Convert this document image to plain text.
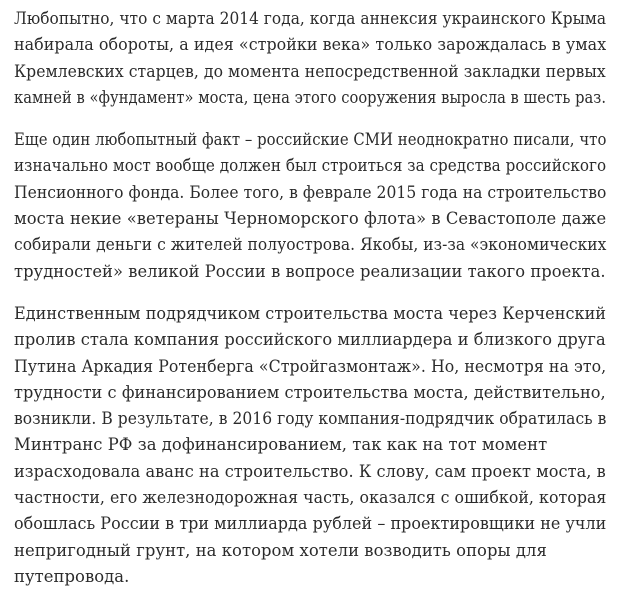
Любопытно, что с марта 2014 года, когда аннексия украинского Крыма
набирала обороты, а идея «стройки века» только зарождалась в умах
Кремлевских старцев, до момента непосредственной закладки первых
камней в «фундамент» моста, цена этого сооружения выросла в шесть раз.

Еще один любопытный факт – российские СМИ неоднократно писали, что
изначально мост вообще должен был строиться за средства российского
Пенсионного фонда. Более того, в феврале 2015 года на строительство
моста некие «ветераны Черноморского флота» в Севастополе даже
собирали деньги с жителей полуострова. Якобы, из-за «экономических
трудностей» великой России в вопросе реализации такого проекта.

Единственным подрядчиком строительства моста через Керченский
пролив стала компания российского миллиардера и близкого друга
Путина Аркадия Ротенберга «Стройгазмонтаж». Но, несмотря на это,
трудности с финансированием строительства моста, действительно,
возникли. В результате, в 2016 году компания-подрядчик обратилась в
Минтранс РФ за дофинансированием, так как на тот момент
израсходовала аванс на строительство. К слову, сам проект моста, в
частности, его железнодорожная часть, оказался с ошибкой, которая
обошлась России в три миллиарда рублей – проектировщики не учли
непригодный грунт, на котором хотели возводить опоры для
путепровода.
